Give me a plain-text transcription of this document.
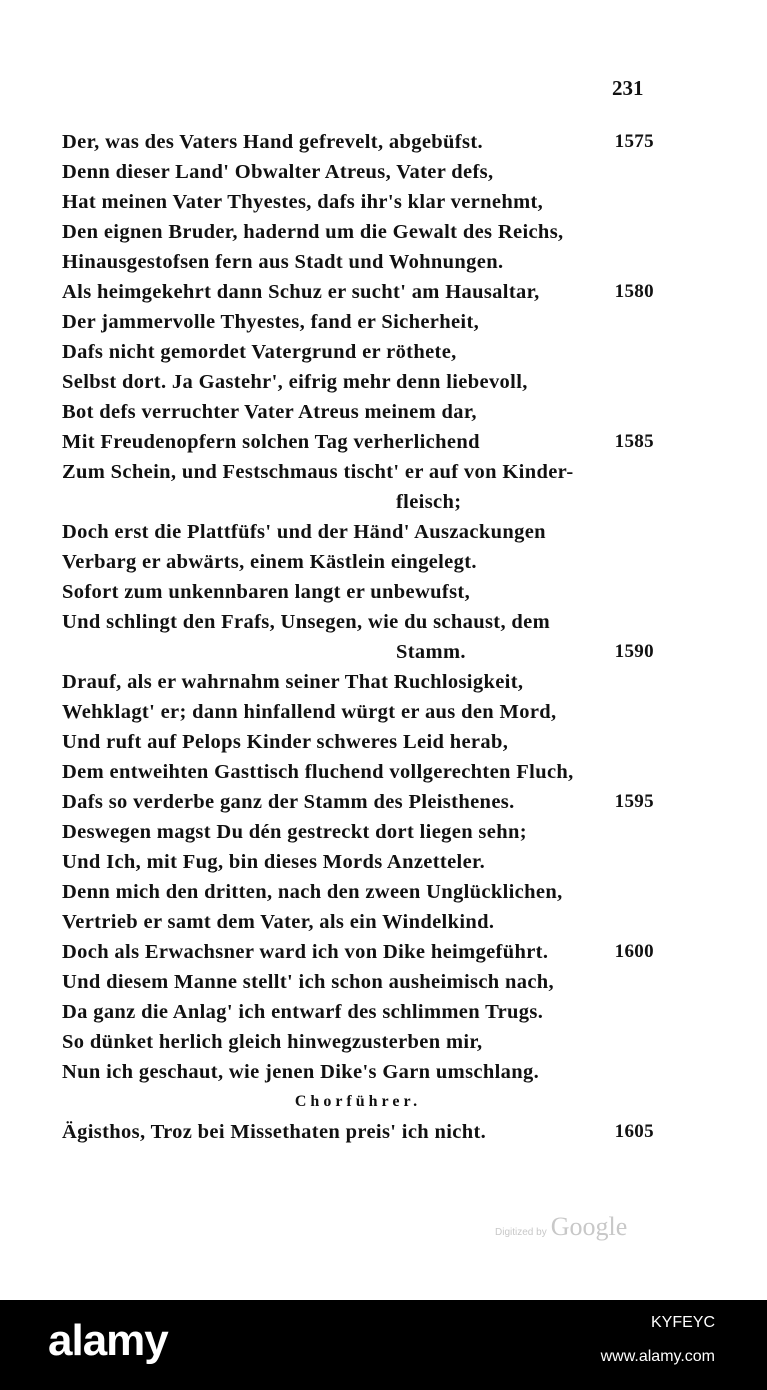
231
Der, was des Vaters Hand gefrevelt, abgebüfst.	1575
Denn dieser Land' Obwalter Atreus, Vater defs,
Hat meinen Vater Thyestes, dafs ihr's klar vernehmt,
Den eignen Bruder, hadernd um die Gewalt des Reichs,
Hinausgestofsen fern aus Stadt und Wohnungen.
Als heimgekehrt dann Schuz er sucht' am Hausaltar,	1580
Der jammervolle Thyestes, fand er Sicherheit,
Dafs nicht gemordet Vatergrund er röthete,
Selbst dort. Ja Gastehr', eifrig mehr denn liebevoll,
Bot defs verruchter Vater Atreus meinem dar,
Mit Freudenopfern solchen Tag verherlichend	1585
Zum Schein, und Festschmaus tischt' er auf von Kinder-
fleisch;
Doch erst die Plattfüfs' und der Händ' Auszackungen
Verbarg er abwärts, einem Kästlein eingelegt.
Sofort zum unkennbaren langt er unbewufst,
Und schlingt den Frafs, Unsegen, wie du schaust, dem
Stamm.	1590
Drauf, als er wahrnahm seiner That Ruchlosigkeit,
Wehklagt' er; dann hinfallend würgt er aus den Mord,
Und ruft auf Pelops Kinder schweres Leid herab,
Dem entweihten Gasttisch fluchend vollgerechten Fluch,
Dafs so verderbe ganz der Stamm des Pleisthenes.	1595
Deswegen magst Du dén gestreckt dort liegen sehn;
Und Ich, mit Fug, bin dieses Mords Anzetteler.
Denn mich den dritten, nach den zween Unglücklichen,
Vertrieb er samt dem Vater, als ein Windelkind.
Doch als Erwachsner ward ich von Dike heimgeführt.	1600
Und diesem Manne stellt' ich schon ausheimisch nach,
Da ganz die Anlag' ich entwarf des schlimmen Trugs.
So dünket herlich gleich hinwegzusterben mir,
Nun ich geschaut, wie jenen Dike's Garn umschlang.
Chorführer.
Ägisthos, Troz bei Missethaten preis' ich nicht.	1605
Digitized by Google
alamy	KYFEYC
www.alamy.com
